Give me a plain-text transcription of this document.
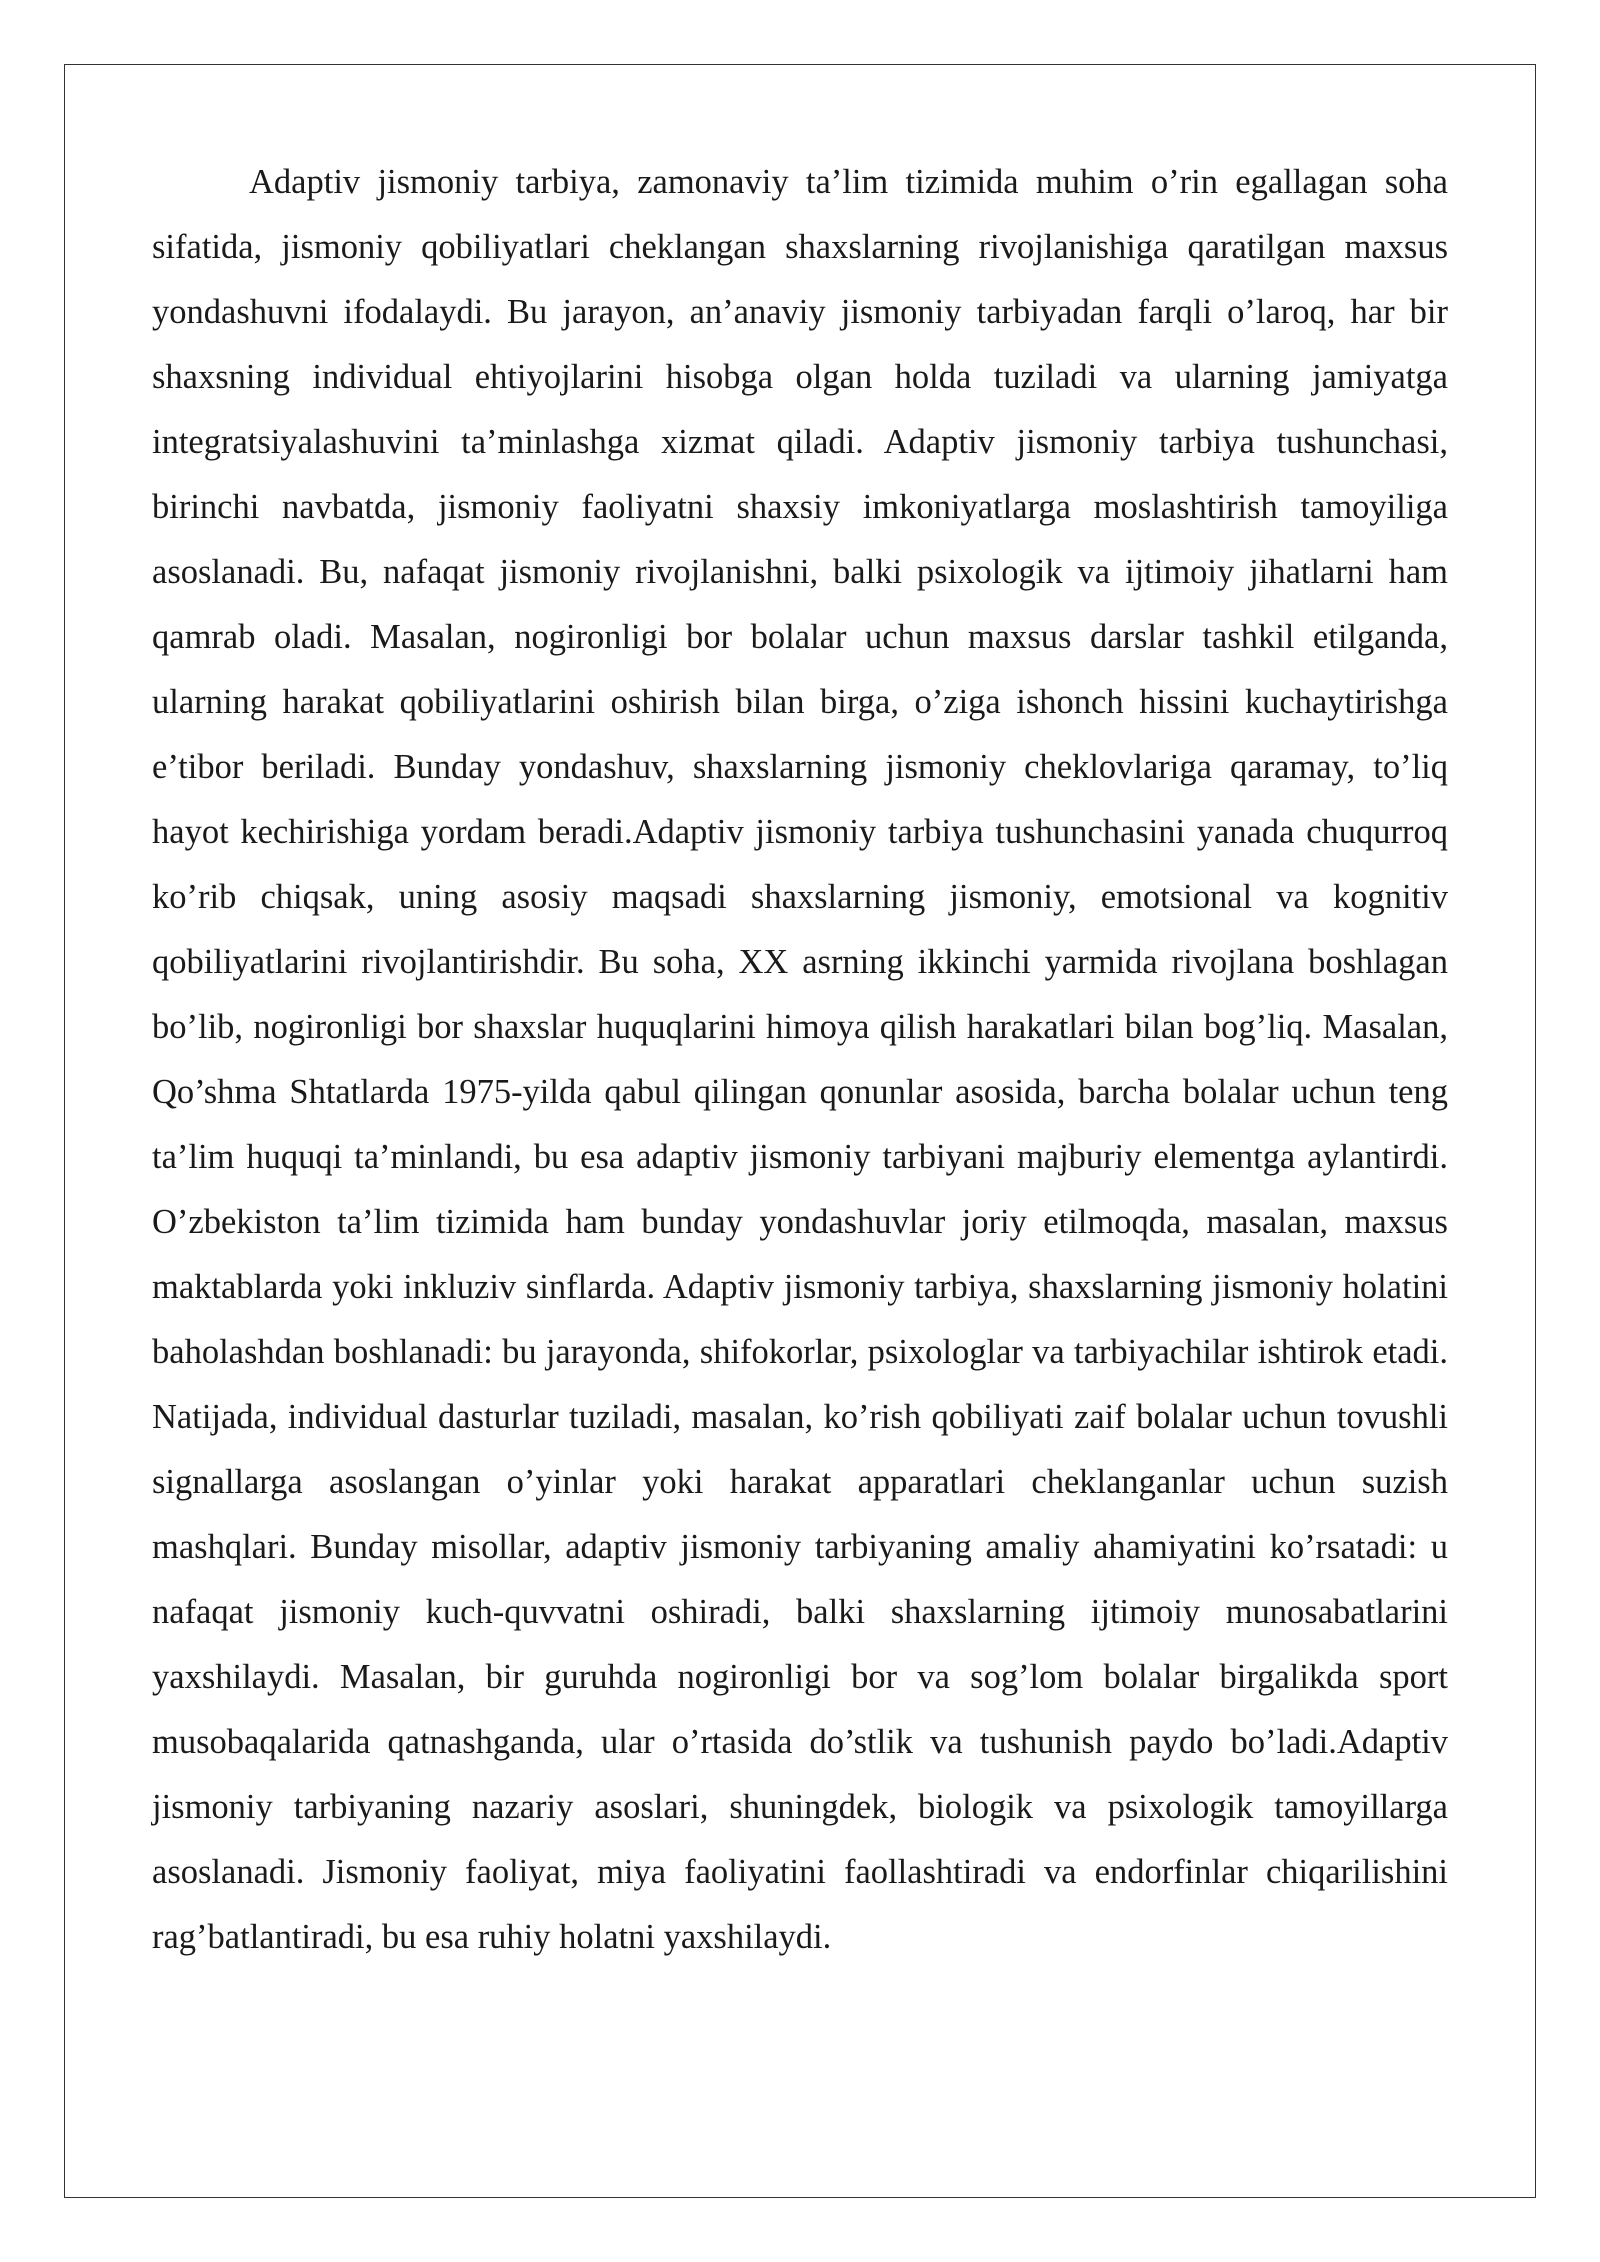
Adaptiv jismoniy tarbiya, zamonaviy ta’lim tizimida muhim o’rin egallagan soha sifatida, jismoniy qobiliyatlari cheklangan shaxslarning rivojlanishiga qaratilgan maxsus yondashuvni ifodalaydi. Bu jarayon, an’anaviy jismoniy tarbiyadan farqli o’laroq, har bir shaxsning individual ehtiyojlarini hisobga olgan holda tuziladi va ularning jamiyatga integratsiyalashuvini ta’minlashga xizmat qiladi. Adaptiv jismoniy tarbiya tushunchasi, birinchi navbatda, jismoniy faoliyatni shaxsiy imkoniyatlarga moslashtirish tamoyiliga asoslanadi. Bu, nafaqat jismoniy rivojlanishni, balki psixologik va ijtimoiy jihatlarni ham qamrab oladi. Masalan, nogironligi bor bolalar uchun maxsus darslar tashkil etilganda, ularning harakat qobiliyatlarini oshirish bilan birga, o’ziga ishonch hissini kuchaytirishga e’tibor beriladi. Bunday yondashuv, shaxslarning jismoniy cheklovlariga qaramay, to’liq hayot kechirishiga yordam beradi.Adaptiv jismoniy tarbiya tushunchasini yanada chuqurroq ko’rib chiqsak, uning asosiy maqsadi shaxslarning jismoniy, emotsional va kognitiv qobiliyatlarini rivojlantirishdir. Bu soha, XX asrning ikkinchi yarmida rivojlana boshlagan bo’lib, nogironligi bor shaxslar huquqlarini himoya qilish harakatlari bilan bog’liq. Masalan, Qo’shma Shtatlarda 1975-yilda qabul qilingan qonunlar asosida, barcha bolalar uchun teng ta’lim huquqi ta’minlandi, bu esa adaptiv jismoniy tarbiyani majburiy elementga aylantirdi. O’zbekiston ta’lim tizimida ham bunday yondashuvlar joriy etilmoqda, masalan, maxsus maktablarda yoki inkluziv sinflarda. Adaptiv jismoniy tarbiya, shaxslarning jismoniy holatini baholashdan boshlanadi: bu jarayonda, shifokorlar, psixologlar va tarbiyachilar ishtirok etadi. Natijada, individual dasturlar tuziladi, masalan, ko’rish qobiliyati zaif bolalar uchun tovushli signallarga asoslangan o’yinlar yoki harakat apparatlari cheklanganlar uchun suzish mashqlari. Bunday misollar, adaptiv jismoniy tarbiyaning amaliy ahamiyatini ko’rsatadi: u nafaqat jismoniy kuch-quvvatni oshiradi, balki shaxslarning ijtimoiy munosabatlarini yaxshilaydi. Masalan, bir guruhda nogironligi bor va sog’lom bolalar birgalikda sport musobaqalarida qatnashganda, ular o’rtasida do’stlik va tushunish paydo bo’ladi.Adaptiv jismoniy tarbiyaning nazariy asoslari, shuningdek, biologik va psixologik tamoyillarga asoslanadi. Jismoniy faoliyat, miya faoliyatini faollashtiradi va endorfinlar chiqarilishini rag’batlantiradi, bu esa ruhiy holatni yaxshilaydi.
